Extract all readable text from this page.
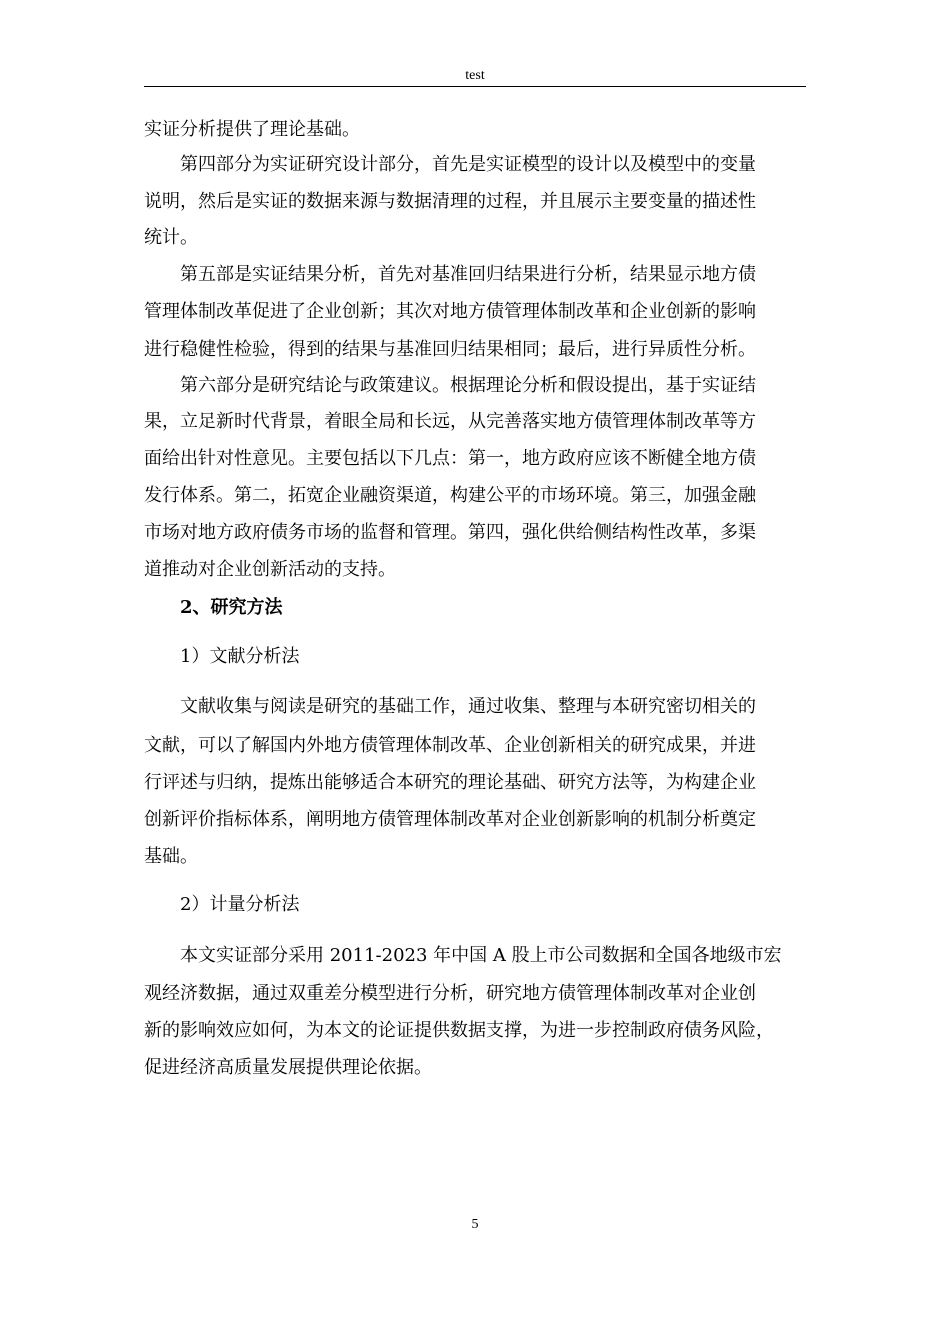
test
实证分析提供了理论基础。
第四部分为实证研究设计部分，首先是实证模型的设计以及模型中的变量
说明，然后是实证的数据来源与数据清理的过程，并且展示主要变量的描述性
统计。
第五部是实证结果分析，首先对基准回归结果进行分析，结果显示地方债
管理体制改革促进了企业创新；其次对地方债管理体制改革和企业创新的影响
进行稳健性检验，得到的结果与基准回归结果相同；最后，进行异质性分析。
第六部分是研究结论与政策建议。根据理论分析和假设提出，基于实证结
果，立足新时代背景，着眼全局和长远，从完善落实地方债管理体制改革等方
面给出针对性意见。主要包括以下几点：第一，地方政府应该不断健全地方债
发行体系。第二，拓宽企业融资渠道，构建公平的市场环境。第三，加强金融
市场对地方政府债务市场的监督和管理。第四，强化供给侧结构性改革，多渠
道推动对企业创新活动的支持。
2、研究方法
1）文献分析法
文献收集与阅读是研究的基础工作，通过收集、整理与本研究密切相关的
文献，可以了解国内外地方债管理体制改革、企业创新相关的研究成果，并进
行评述与归纳，提炼出能够适合本研究的理论基础、研究方法等，为构建企业
创新评价指标体系，阐明地方债管理体制改革对企业创新影响的机制分析奠定
基础。
2）计量分析法
本文实证部分采用 2011-2023 年中国 A 股上市公司数据和全国各地级市宏
观经济数据，通过双重差分模型进行分析，研究地方债管理体制改革对企业创
新的影响效应如何，为本文的论证提供数据支撑，为进一步控制政府债务风险，
促进经济高质量发展提供理论依据。
5
